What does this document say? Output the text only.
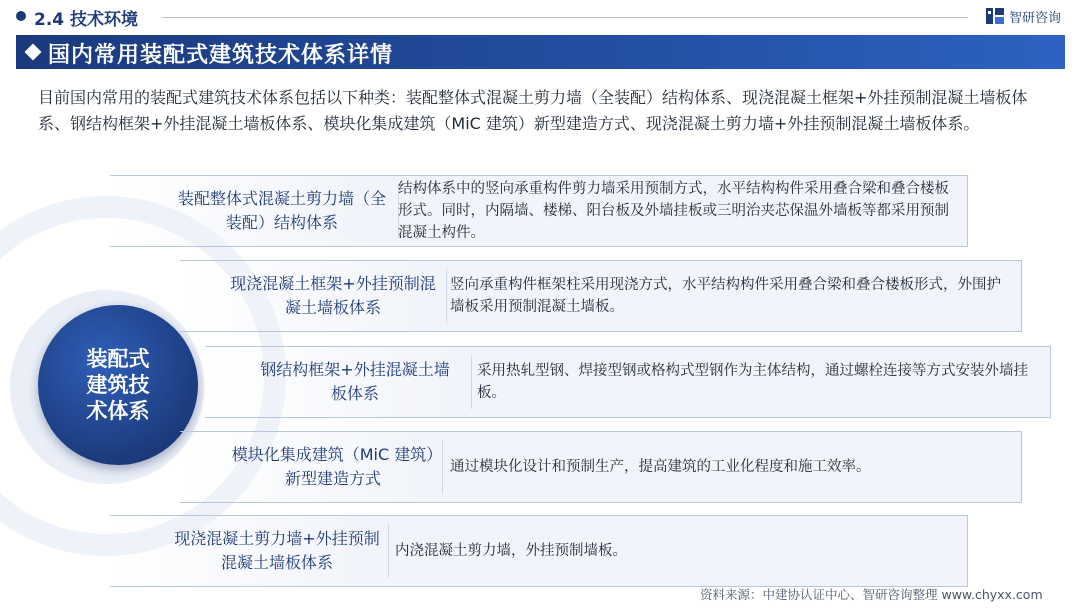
2.4 技术环境	智研咨询
国内常用装配式建筑技术体系详情

目前国内常用的装配式建筑技术体系包括以下种类：装配整体式混凝土剪力墙（全装配）结构体系、现浇混凝土框架+外挂预制混凝土墙板体系、钢结构框架+外挂混凝土墙板体系、模块化集成建筑（MiC 建筑）新型建造方式、现浇混凝土剪力墙+外挂预制混凝土墙板体系。

装配式建筑技术体系
装配整体式混凝土剪力墙（全装配）结构体系
结构体系中的竖向承重构件剪力墙采用预制方式，水平结构构件采用叠合梁和叠合楼板形式。同时，内隔墙、楼梯、阳台板及外墙挂板或三明治夹芯保温外墙板等都采用预制混凝土构件。
现浇混凝土框架+外挂预制混凝土墙板体系
竖向承重构件框架柱采用现浇方式，水平结构构件采用叠合梁和叠合楼板形式，外围护墙板采用预制混凝土墙板。
钢结构框架+外挂混凝土墙板体系
采用热轧型钢、焊接型钢或格构式型钢作为主体结构，通过螺栓连接等方式安装外墙挂板。
模块化集成建筑（MiC 建筑）新型建造方式
通过模块化设计和预制生产，提高建筑的工业化程度和施工效率。
现浇混凝土剪力墙+外挂预制混凝土墙板体系
内浇混凝土剪力墙，外挂预制墙板。
资料来源：中建协认证中心、智研咨询整理 www.chyxx.com
